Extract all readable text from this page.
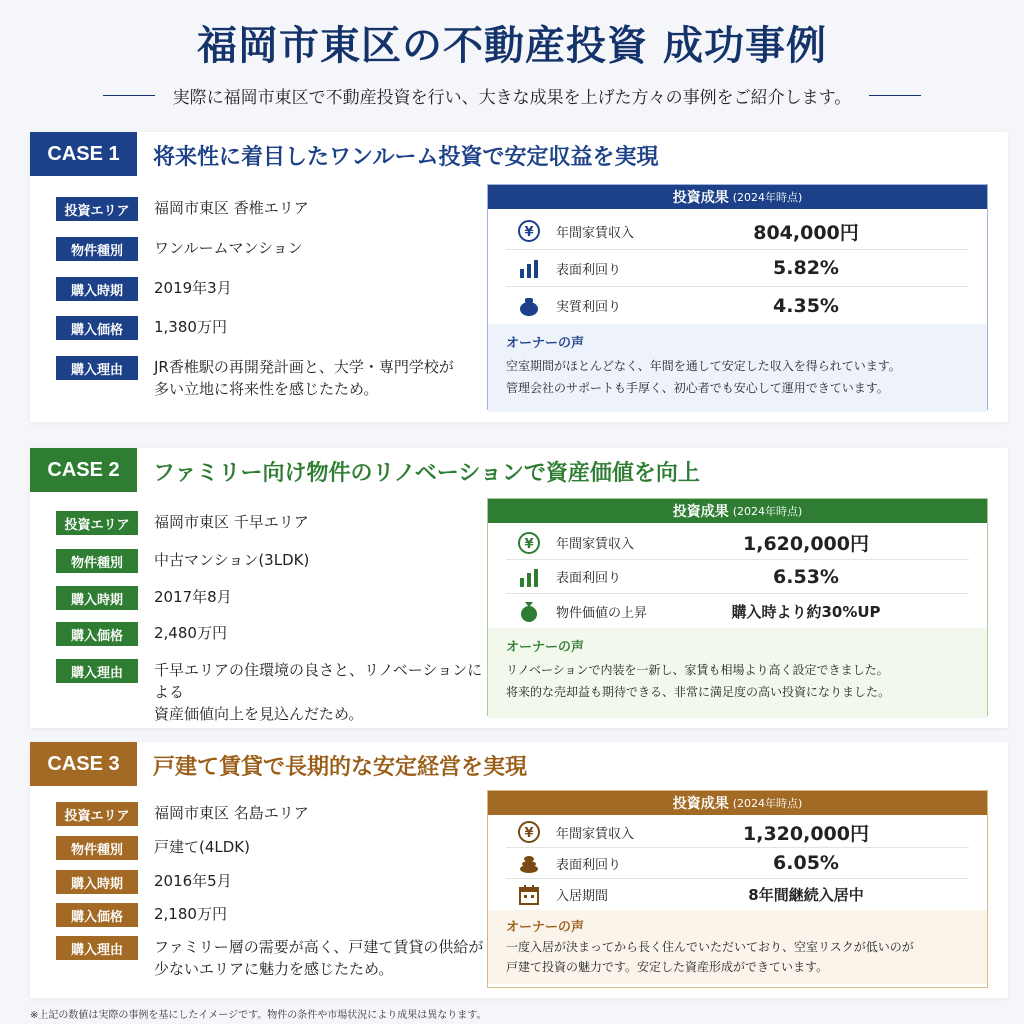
福岡市東区の不動産投資 成功事例
実際に福岡市東区で不動産投資を行い、大きな成果を上げた方々の事例をご紹介します。
CASE 1	将来性に着目したワンルーム投資で安定収益を実現
投資エリア	福岡市東区 香椎エリア
物件種別	ワンルームマンション
購入時期	2019年3月
購入価格	1,380万円
購入理由	JR香椎駅の再開発計画と、大学・専門学校が
多い立地に将来性を感じたため。
投資成果 (2024年時点)
¥ 年間家賃収入	804,000円
表面利回り	5.82%
実質利回り	4.35%
オーナーの声
空室期間がほとんどなく、年間を通して安定した収入を得られています。
管理会社のサポートも手厚く、初心者でも安心して運用できています。
CASE 2	ファミリー向け物件のリノベーションで資産価値を向上
投資エリア	福岡市東区 千早エリア
物件種別	中古マンション(3LDK)
購入時期	2017年8月
購入価格	2,480万円
購入理由	千早エリアの住環境の良さと、リノベーションによる
資産価値向上を見込んだため。
投資成果 (2024年時点)
¥ 年間家賃収入	1,620,000円
表面利回り	6.53%
物件価値の上昇	購入時より約30%UP
オーナーの声
リノベーションで内装を一新し、家賃も相場より高く設定できました。
将来的な売却益も期待できる、非常に満足度の高い投資になりました。
CASE 3	戸建て賃貸で長期的な安定経営を実現
投資エリア	福岡市東区 名島エリア
物件種別	戸建て(4LDK)
購入時期	2016年5月
購入価格	2,180万円
購入理由	ファミリー層の需要が高く、戸建て賃貸の供給が
少ないエリアに魅力を感じたため。
投資成果 (2024年時点)
¥ 年間家賃収入	1,320,000円
表面利回り	6.05%
入居期間	8年間継続入居中
オーナーの声
一度入居が決まってから長く住んでいただいており、空室リスクが低いのが
戸建て投資の魅力です。安定した資産形成ができています。
※上記の数値は実際の事例を基にしたイメージです。物件の条件や市場状況により成果は異なります。
